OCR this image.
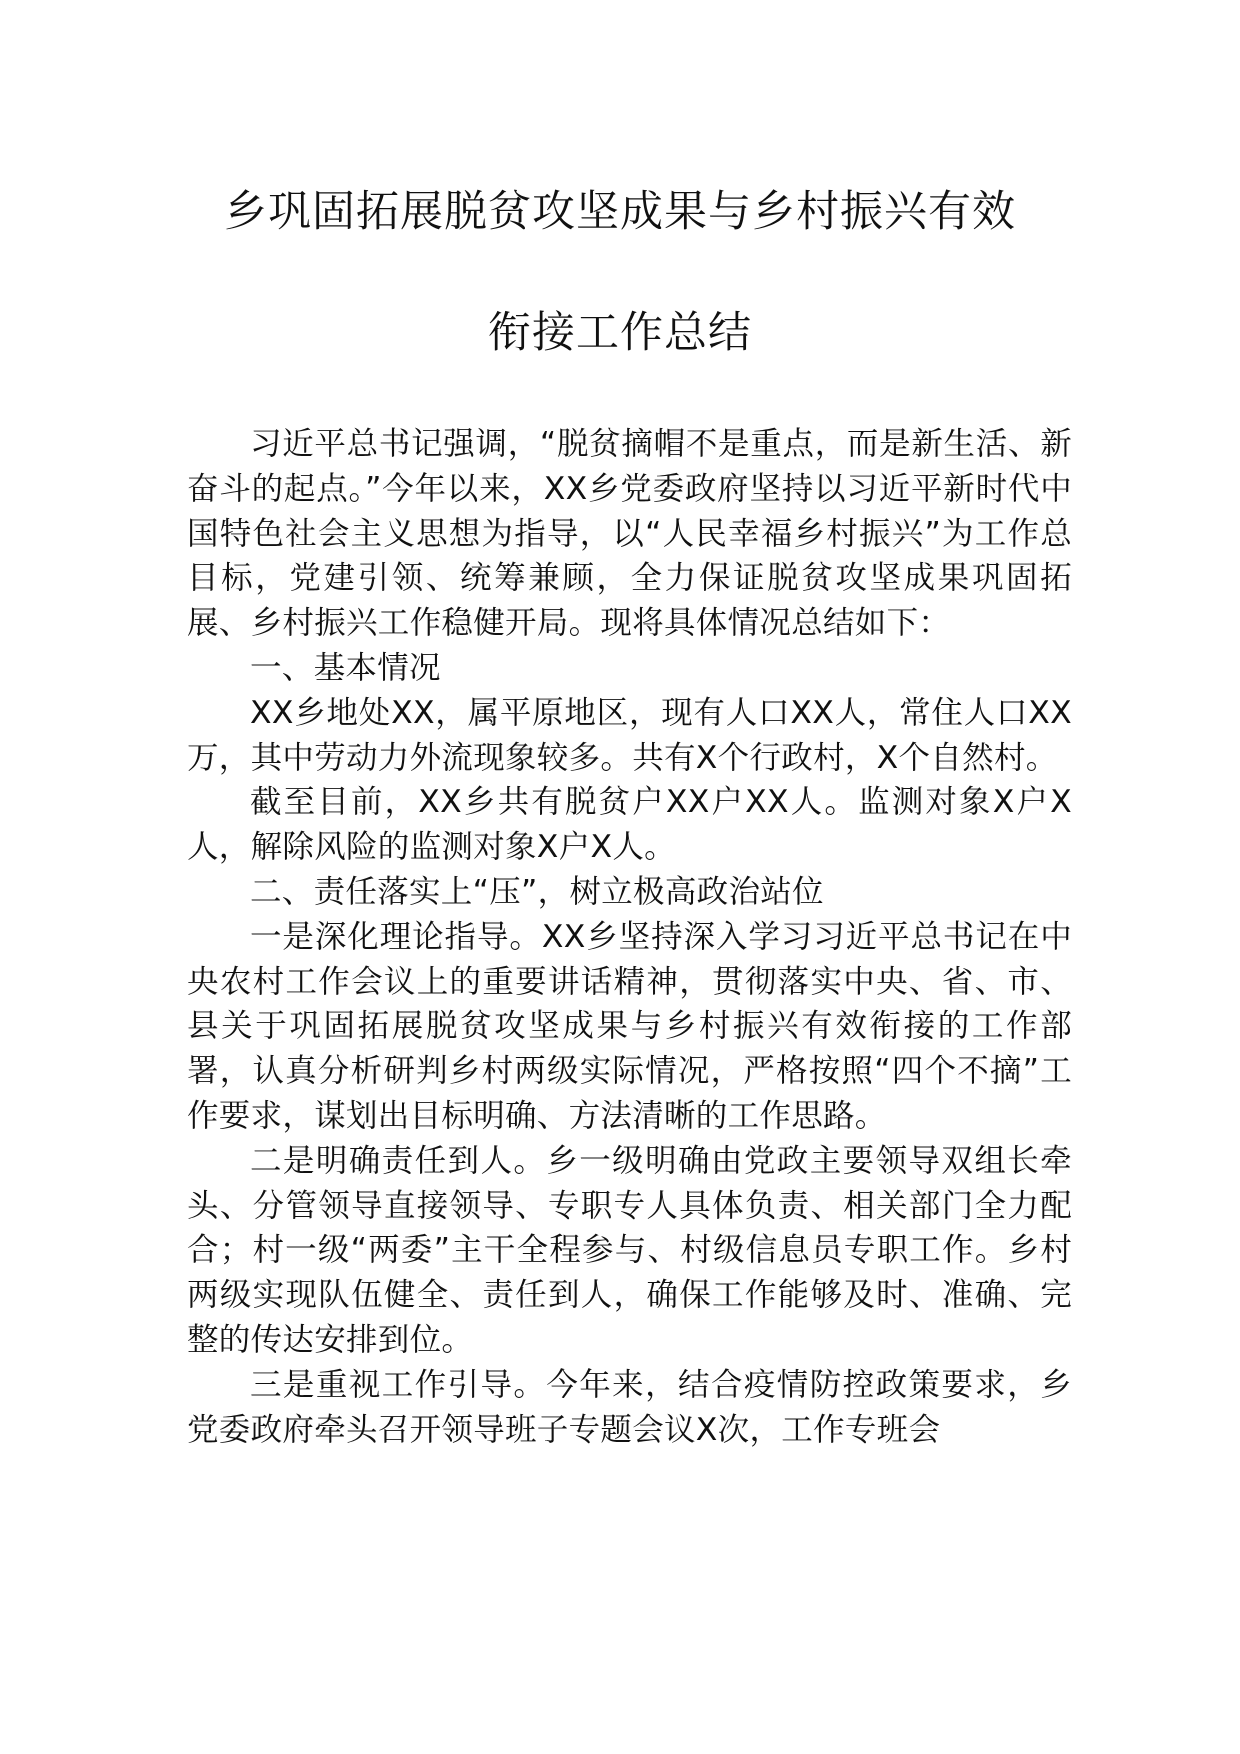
乡巩固拓展脱贫攻坚成果与乡村振兴有效
衔接工作总结

习近平总书记强调，“脱贫摘帽不是重点，而是新生活、新奋斗的起点。”今年以来，XX乡党委政府坚持以习近平新时代中国特色社会主义思想为指导，以“人民幸福乡村振兴”为工作总目标，党建引领、统筹兼顾，全力保证脱贫攻坚成果巩固拓展、乡村振兴工作稳健开局。现将具体情况总结如下：

一、基本情况

XX乡地处XX，属平原地区，现有人口XX人，常住人口XX万，其中劳动力外流现象较多。共有X个行政村，X个自然村。

截至目前，XX乡共有脱贫户XX户XX人。监测对象X户X人，解除风险的监测对象X户X人。

二、责任落实上“压”，树立极高政治站位

一是深化理论指导。XX乡坚持深入学习习近平总书记在中央农村工作会议上的重要讲话精神，贯彻落实中央、省、市、县关于巩固拓展脱贫攻坚成果与乡村振兴有效衔接的工作部署，认真分析研判乡村两级实际情况，严格按照“四个不摘”工作要求，谋划出目标明确、方法清晰的工作思路。

二是明确责任到人。乡一级明确由党政主要领导双组长牵头、分管领导直接领导、专职专人具体负责、相关部门全力配合；村一级“两委”主干全程参与、村级信息员专职工作。乡村两级实现队伍健全、责任到人，确保工作能够及时、准确、完整的传达安排到位。

三是重视工作引导。今年来，结合疫情防控政策要求，乡党委政府牵头召开领导班子专题会议X次，工作专班会
